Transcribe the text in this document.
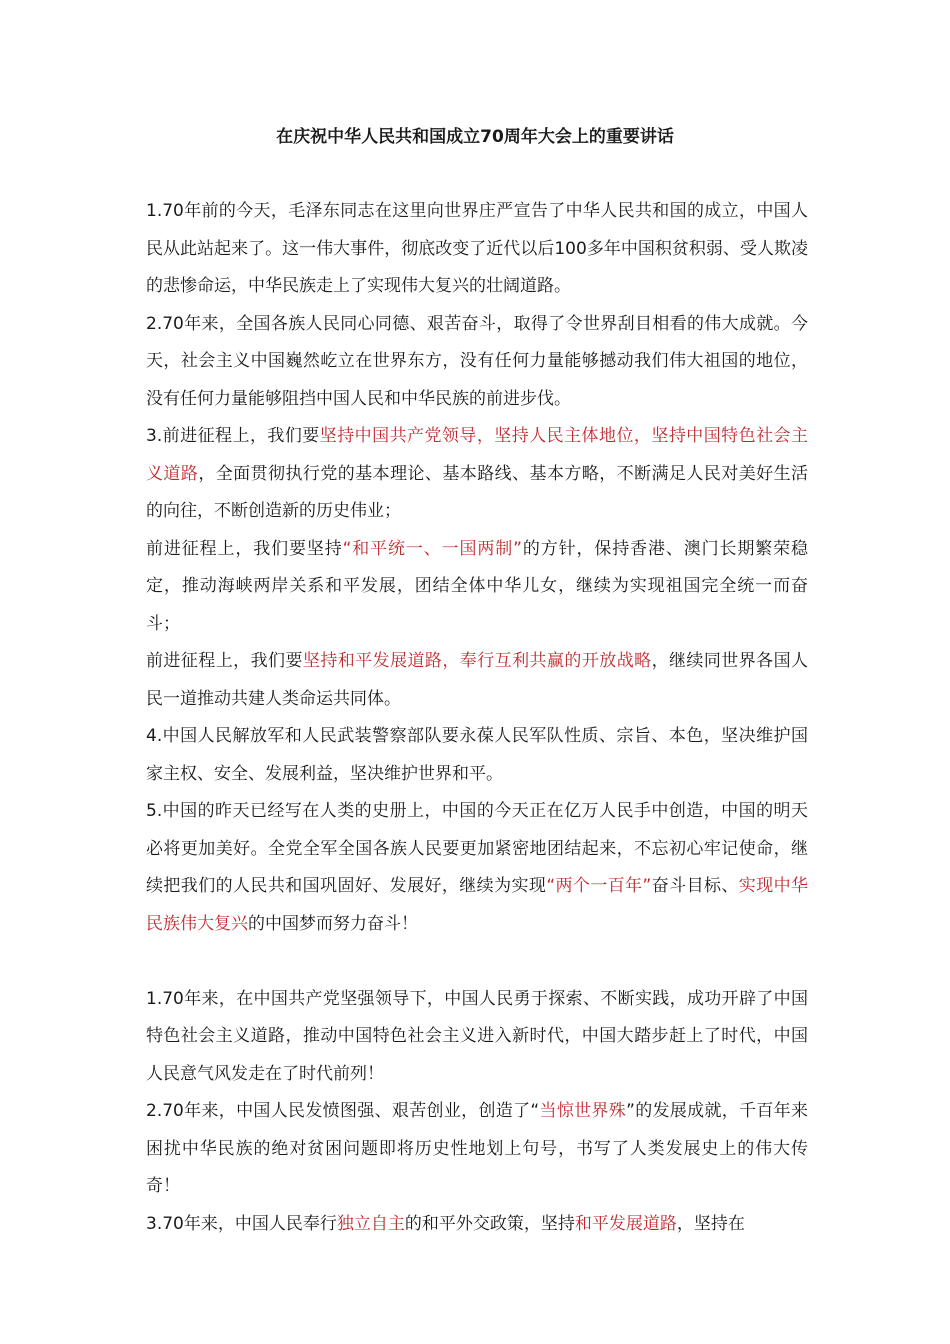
在庆祝中华人民共和国成立70周年大会上的重要讲话

1.70年前的今天，毛泽东同志在这里向世界庄严宣告了中华人民共和国的成立，中国人民从此站起来了。这一伟大事件，彻底改变了近代以后100多年中国积贫积弱、受人欺凌的悲惨命运，中华民族走上了实现伟大复兴的壮阔道路。

2.70年来，全国各族人民同心同德、艰苦奋斗，取得了令世界刮目相看的伟大成就。今天，社会主义中国巍然屹立在世界东方，没有任何力量能够撼动我们伟大祖国的地位，没有任何力量能够阻挡中国人民和中华民族的前进步伐。

3.前进征程上，我们要坚持中国共产党领导，坚持人民主体地位，坚持中国特色社会主义道路，全面贯彻执行党的基本理论、基本路线、基本方略，不断满足人民对美好生活的向往，不断创造新的历史伟业；

前进征程上，我们要坚持“和平统一、一国两制”的方针，保持香港、澳门长期繁荣稳定，推动海峡两岸关系和平发展，团结全体中华儿女，继续为实现祖国完全统一而奋斗；

前进征程上，我们要坚持和平发展道路，奉行互利共赢的开放战略，继续同世界各国人民一道推动共建人类命运共同体。

4.中国人民解放军和人民武装警察部队要永葆人民军队性质、宗旨、本色，坚决维护国家主权、安全、发展利益，坚决维护世界和平。

5.中国的昨天已经写在人类的史册上，中国的今天正在亿万人民手中创造，中国的明天必将更加美好。全党全军全国各族人民要更加紧密地团结起来，不忘初心牢记使命，继续把我们的人民共和国巩固好、发展好，继续为实现“两个一百年”奋斗目标、实现中华民族伟大复兴的中国梦而努力奋斗！

1.70年来，在中国共产党坚强领导下，中国人民勇于探索、不断实践，成功开辟了中国特色社会主义道路，推动中国特色社会主义进入新时代，中国大踏步赶上了时代，中国人民意气风发走在了时代前列！

2.70年来，中国人民发愤图强、艰苦创业，创造了“当惊世界殊”的发展成就，千百年来困扰中华民族的绝对贫困问题即将历史性地划上句号，书写了人类发展史上的伟大传奇！

3.70年来，中国人民奉行独立自主的和平外交政策，坚持和平发展道路，坚持在
